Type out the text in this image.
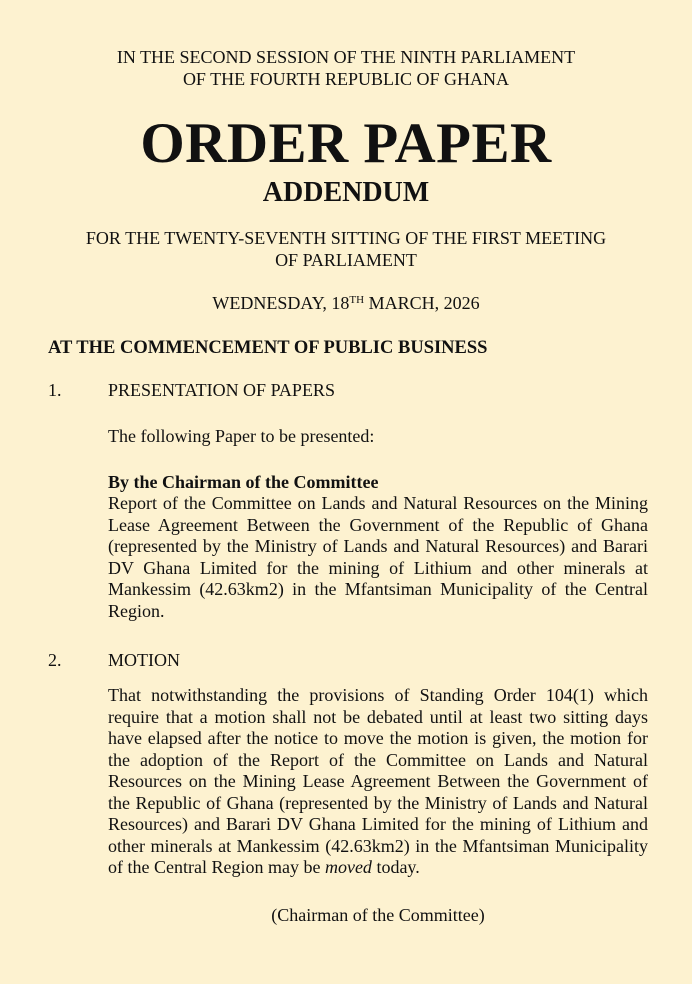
IN THE SECOND SESSION OF THE NINTH PARLIAMENT
OF THE FOURTH REPUBLIC OF GHANA
ORDER PAPER
ADDENDUM
FOR THE TWENTY-SEVENTH SITTING OF THE FIRST MEETING
OF PARLIAMENT
WEDNESDAY, 18TH MARCH, 2026
AT THE COMMENCEMENT OF PUBLIC BUSINESS
1.	PRESENTATION OF PAPERS
The following Paper to be presented:
By the Chairman of the Committee
Report of the Committee on Lands and Natural Resources on the Mining Lease Agreement Between the Government of the Republic of Ghana (represented by the Ministry of Lands and Natural Resources) and Barari DV Ghana Limited for the mining of Lithium and other minerals at Mankessim (42.63km2) in the Mfantsiman Municipality of the Central Region.
2.	MOTION
That notwithstanding the provisions of Standing Order 104(1) which require that a motion shall not be debated until at least two sitting days have elapsed after the notice to move the motion is given, the motion for the adoption of the Report of the Committee on Lands and Natural Resources on the Mining Lease Agreement Between the Government of the Republic of Ghana (represented by the Ministry of Lands and Natural Resources) and Barari DV Ghana Limited for the mining of Lithium and other minerals at Mankessim (42.63km2) in the Mfantsiman Municipality of the Central Region may be moved today.
(Chairman of the Committee)
